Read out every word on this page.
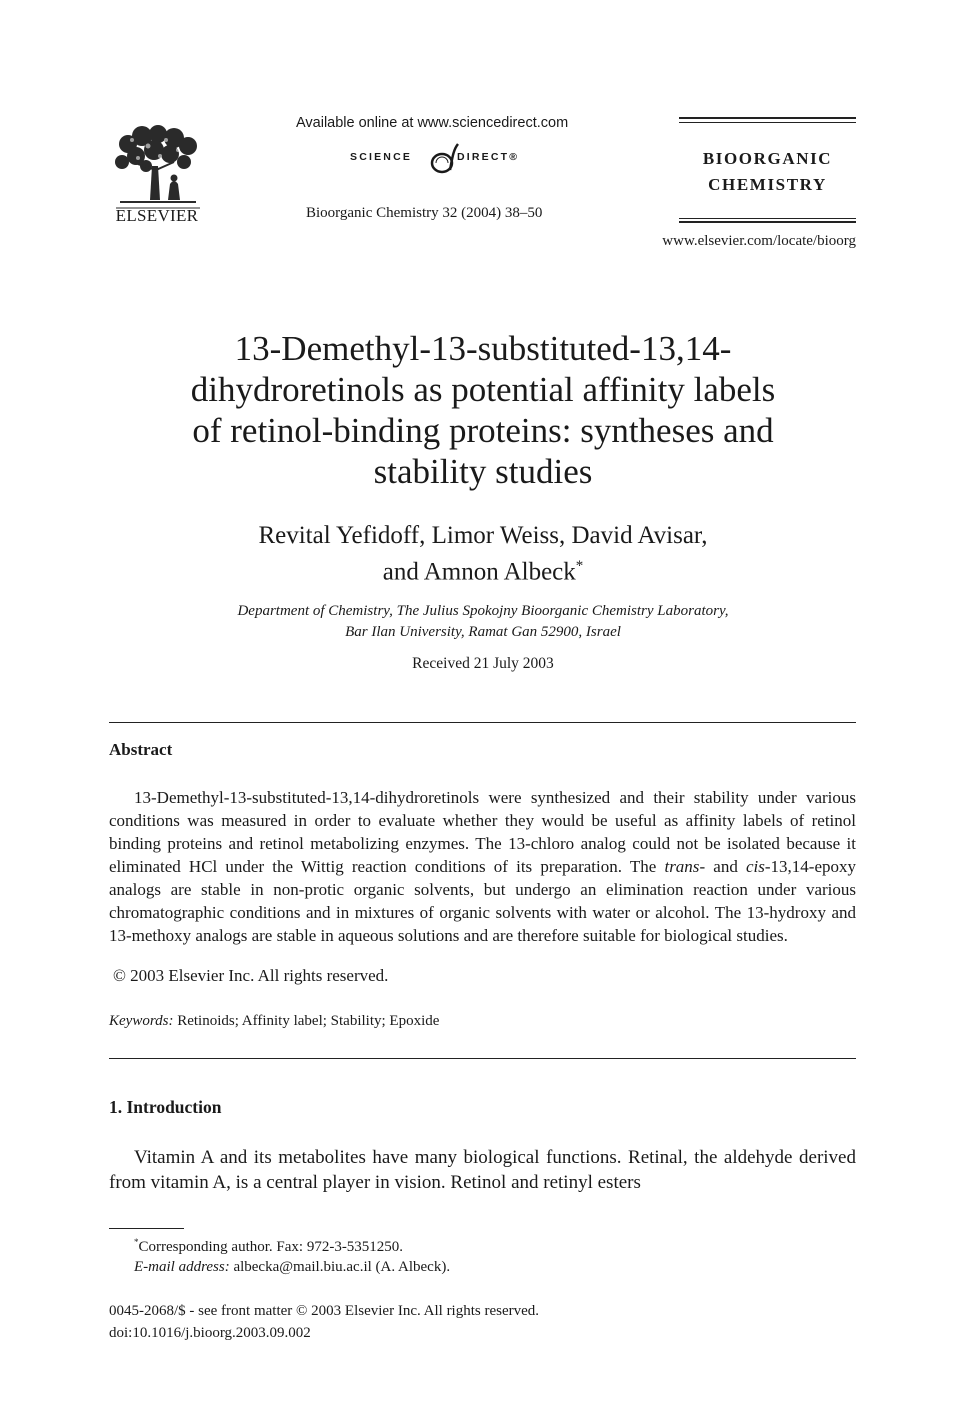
ELSEVIER
Available online at www.sciencedirect.com
SCIENCE	DIRECT®
Bioorganic Chemistry 32 (2004) 38–50
BIOORGANIC
CHEMISTRY
www.elsevier.com/locate/bioorg
13-Demethyl-13-substituted-13,14-
dihydroretinols as potential affinity labels
of retinol-binding proteins: syntheses and
stability studies
Revital Yefidoff, Limor Weiss, David Avisar,
and Amnon Albeck*
Department of Chemistry, The Julius Spokojny Bioorganic Chemistry Laboratory,
Bar Ilan University, Ramat Gan 52900, Israel
Received 21 July 2003
Abstract

13-Demethyl-13-substituted-13,14-dihydroretinols were synthesized and their stability under various conditions was measured in order to evaluate whether they would be useful as affinity labels of retinol binding proteins and retinol metabolizing enzymes. The 13-chloro analog could not be isolated because it eliminated HCl under the Wittig reaction conditions of its preparation. The trans- and cis-13,14-epoxy analogs are stable in non-protic organic solvents, but undergo an elimination reaction under various chromatographic conditions and in mixtures of organic solvents with water or alcohol. The 13-hydroxy and 13-methoxy analogs are stable in aqueous solutions and are therefore suitable for biological studies.

© 2003 Elsevier Inc. All rights reserved.
Keywords: Retinoids; Affinity label; Stability; Epoxide
1. Introduction

Vitamin A and its metabolites have many biological functions. Retinal, the aldehyde derived from vitamin A, is a central player in vision. Retinol and retinyl esters

*Corresponding author. Fax: 972-3-5351250.
E-mail address: albecka@mail.biu.ac.il (A. Albeck).
0045-2068/$ - see front matter © 2003 Elsevier Inc. All rights reserved.
doi:10.1016/j.bioorg.2003.09.002
